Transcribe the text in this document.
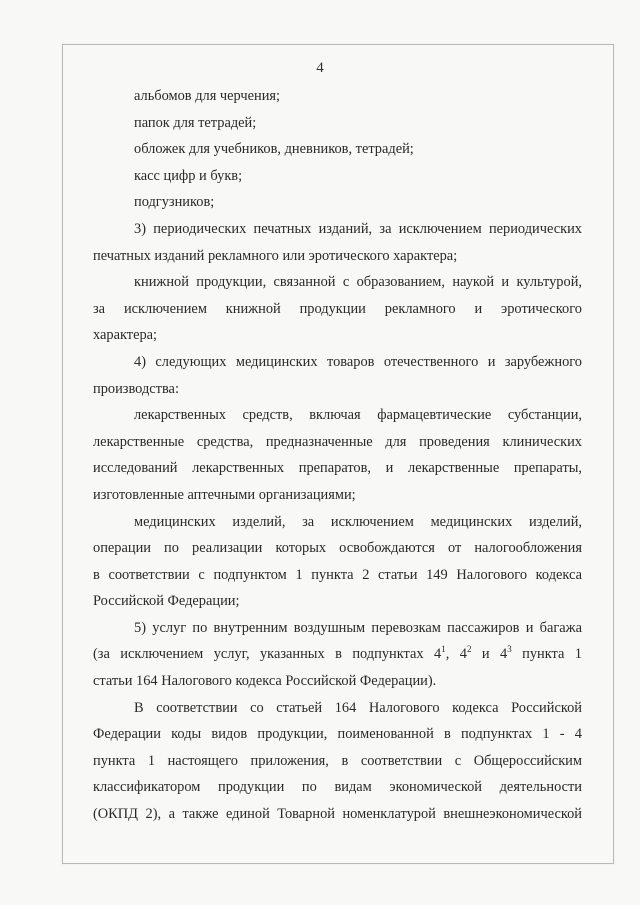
4
альбомов для черчения;
папок для тетрадей;
обложек для учебников, дневников, тетрадей;
касс цифр и букв;
подгузников;
3) периодических печатных изданий, за исключением периодических
печатных изданий рекламного или эротического характера;
книжной продукции, связанной с образованием, наукой и культурой,
за исключением книжной продукции рекламного и эротического
характера;
4) следующих медицинских товаров отечественного и зарубежного
производства:
лекарственных средств, включая фармацевтические субстанции,
лекарственные средства, предназначенные для проведения клинических
исследований лекарственных препаратов, и лекарственные препараты,
изготовленные аптечными организациями;
медицинских изделий, за исключением медицинских изделий,
операции по реализации которых освобождаются от налогообложения
в соответствии с подпунктом 1 пункта 2 статьи 149 Налогового кодекса
Российской Федерации;
5) услуг по внутренним воздушным перевозкам пассажиров и багажа
(за исключением услуг, указанных в подпунктах $4^1$, $4^2$ и $4^3$ пункта 1
статьи 164 Налогового кодекса Российской Федерации).
В соответствии со статьей 164 Налогового кодекса Российской
Федерации коды видов продукции, поименованной в подпунктах 1 - 4
пункта 1 настоящего приложения, в соответствии с Общероссийским
классификатором продукции по видам экономической деятельности
(ОКПД 2), а также единой Товарной номенклатурой внешнеэкономической
